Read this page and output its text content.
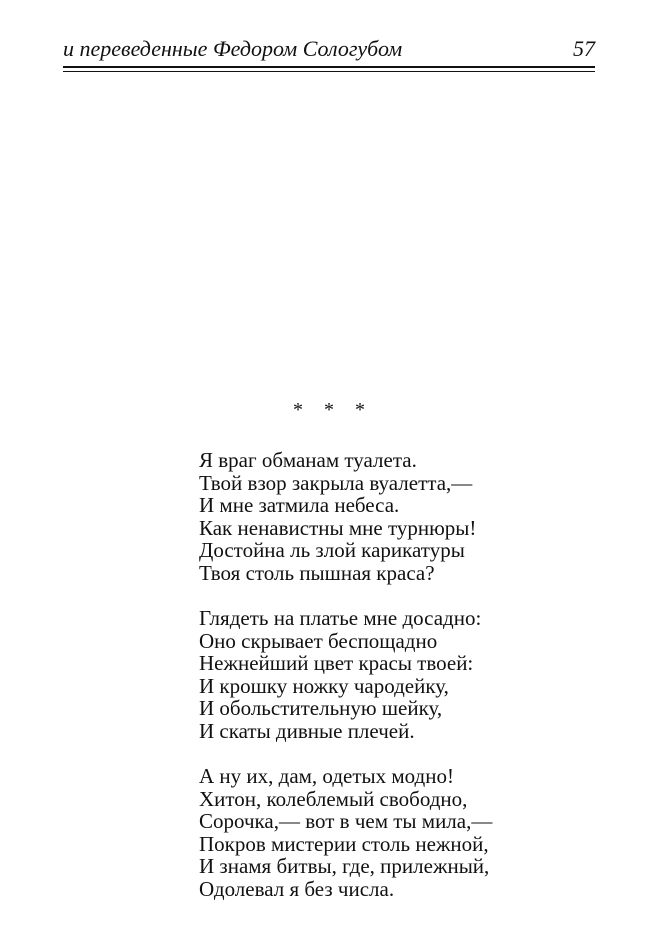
и переведенные Федором Сологубом	57
* * *
Я враг обманам туалета.
Твой взор закрыла вуалетта,—
И мне затмила небеса.
Как ненавистны мне турнюры!
Достойна ль злой карикатуры
Твоя столь пышная краса?
Глядеть на платье мне досадно:
Оно скрывает беспощадно
Нежнейший цвет красы твоей:
И крошку ножку чародейку,
И обольстительную шейку,
И скаты дивные плечей.
А ну их, дам, одетых модно!
Хитон, колеблемый свободно,
Сорочка,— вот в чем ты мила,—
Покров мистерии столь нежной,
И знамя битвы, где, прилежный,
Одолевал я без числа.
